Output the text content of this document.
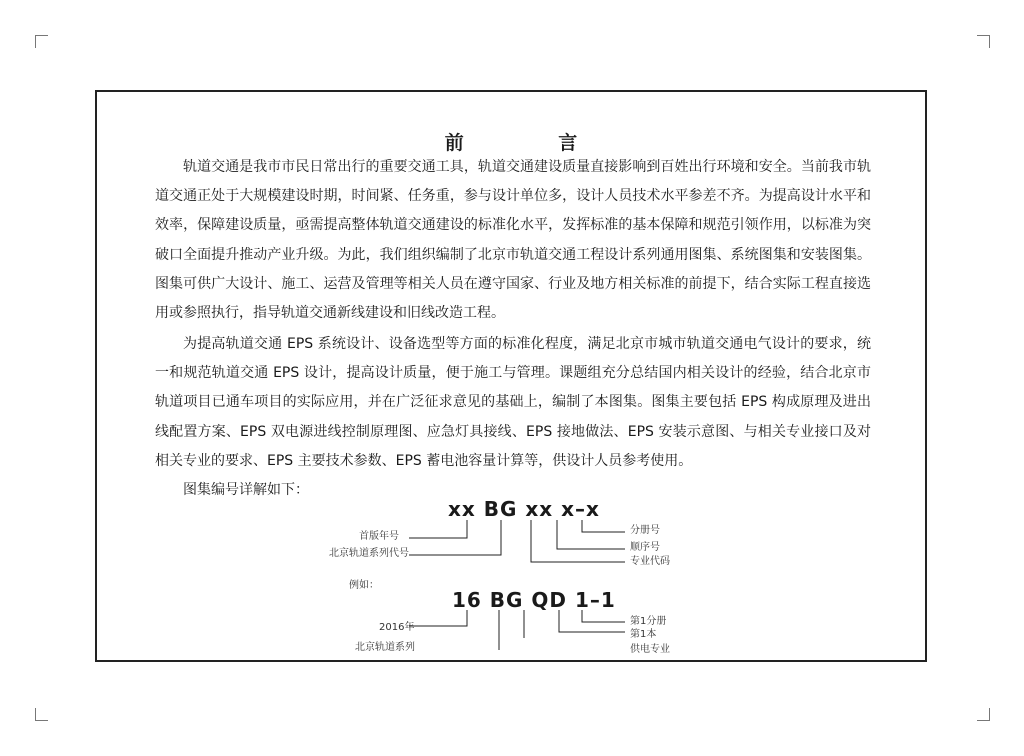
前 言

轨道交通是我市市民日常出行的重要交通工具，轨道交通建设质量直接影响到百姓出行环境和安全。当前我市轨道交通正处于大规模建设时期，时间紧、任务重，参与设计单位多，设计人员技术水平参差不齐。为提高设计水平和效率，保障建设质量，亟需提高整体轨道交通建设的标准化水平，发挥标准的基本保障和规范引领作用，以标准为突破口全面提升推动产业升级。为此，我们组织编制了北京市轨道交通工程设计系列通用图集、系统图集和安装图集。图集可供广大设计、施工、运营及管理等相关人员在遵守国家、行业及地方相关标准的前提下，结合实际工程直接选用或参照执行，指导轨道交通新线建设和旧线改造工程。

为提高轨道交通 EPS 系统设计、设备选型等方面的标准化程度，满足北京市城市轨道交通电气设计的要求，统一和规范轨道交通 EPS 设计，提高设计质量，便于施工与管理。课题组充分总结国内相关设计的经验，结合北京市轨道项目已通车项目的实际应用，并在广泛征求意见的基础上，编制了本图集。图集主要包括 EPS 构成原理及进出线配置方案、EPS 双电源进线控制原理图、应急灯具接线、EPS 接地做法、EPS 安装示意图、与相关专业接口及对相关专业的要求、EPS 主要技术参数、EPS 蓄电池容量计算等，供设计人员参考使用。

图集编号详解如下：

xx BG xx x–x
首版年号
北京轨道系列代号
分册号
顺序号
专业代码
例如：
16 BG QD 1–1
2016年
北京轨道系列
第1分册
第1本
供电专业
